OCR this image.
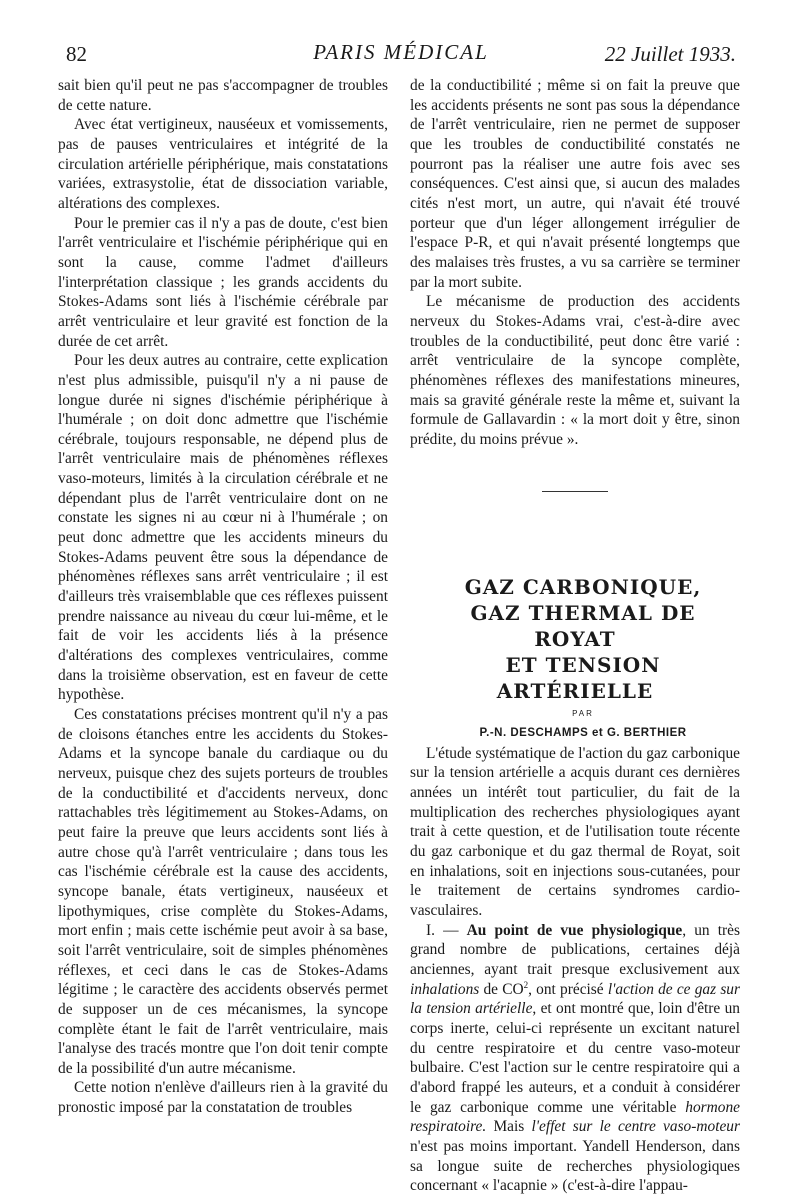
82	PARIS MÉDICAL	22 Juillet 1933.

sait bien qu'il peut ne pas s'accompagner de troubles de cette nature.

Avec état vertigineux, nauséeux et vomissements, pas de pauses ventriculaires et intégrité de la circulation artérielle périphérique, mais constatations variées, extrasystolie, état de dissociation variable, altérations des complexes.

Pour le premier cas il n'y a pas de doute, c'est bien l'arrêt ventriculaire et l'ischémie périphérique qui en sont la cause, comme l'admet d'ailleurs l'interprétation classique ; les grands accidents du Stokes-Adams sont liés à l'ischémie cérébrale par arrêt ventriculaire et leur gravité est fonction de la durée de cet arrêt.

Pour les deux autres au contraire, cette explication n'est plus admissible, puisqu'il n'y a ni pause de longue durée ni signes d'ischémie périphérique à l'humérale ; on doit donc admettre que l'ischémie cérébrale, toujours responsable, ne dépend plus de l'arrêt ventriculaire mais de phénomènes réflexes vaso-moteurs, limités à la circulation cérébrale et ne dépendant plus de l'arrêt ventriculaire dont on ne constate les signes ni au cœur ni à l'humérale ; on peut donc admettre que les accidents mineurs du Stokes-Adams peuvent être sous la dépendance de phénomènes réflexes sans arrêt ventriculaire ; il est d'ailleurs très vraisemblable que ces réflexes puissent prendre naissance au niveau du cœur lui-même, et le fait de voir les accidents liés à la présence d'altérations des complexes ventriculaires, comme dans la troisième observation, est en faveur de cette hypothèse.

Ces constatations précises montrent qu'il n'y a pas de cloisons étanches entre les accidents du Stokes-Adams et la syncope banale du cardiaque ou du nerveux, puisque chez des sujets porteurs de troubles de la conductibilité et d'accidents nerveux, donc rattachables très légitimement au Stokes-Adams, on peut faire la preuve que leurs accidents sont liés à autre chose qu'à l'arrêt ventriculaire ; dans tous les cas l'ischémie cérébrale est la cause des accidents, syncope banale, états vertigineux, nauséeux et lipothymiques, crise complète du Stokes-Adams, mort enfin ; mais cette ischémie peut avoir à sa base, soit l'arrêt ventriculaire, soit de simples phénomènes réflexes, et ceci dans le cas de Stokes-Adams légitime ; le caractère des accidents observés permet de supposer un de ces mécanismes, la syncope complète étant le fait de l'arrêt ventriculaire, mais l'analyse des tracés montre que l'on doit tenir compte de la possibilité d'un autre mécanisme.

Cette notion n'enlève d'ailleurs rien à la gravité du pronostic imposé par la constatation de troubles

de la conductibilité ; même si on fait la preuve que les accidents présents ne sont pas sous la dépendance de l'arrêt ventriculaire, rien ne permet de supposer que les troubles de conductibilité constatés ne pourront pas la réaliser une autre fois avec ses conséquences. C'est ainsi que, si aucun des malades cités n'est mort, un autre, qui n'avait été trouvé porteur que d'un léger allongement irrégulier de l'espace P-R, et qui n'avait présenté longtemps que des malaises très frustes, a vu sa carrière se terminer par la mort subite.

Le mécanisme de production des accidents nerveux du Stokes-Adams vrai, c'est-à-dire avec troubles de la conductibilité, peut donc être varié : arrêt ventriculaire de la syncope complète, phénomènes réflexes des manifestations mineures, mais sa gravité générale reste la même et, suivant la formule de Gallavardin : « la mort doit y être, sinon prédite, du moins prévue ».

GAZ CARBONIQUE,

GAZ THERMAL DE ROYAT

ET TENSION ARTÉRIELLE

PAR

P.-N. DESCHAMPS et G. BERTHIER

L'étude systématique de l'action du gaz carbonique sur la tension artérielle a acquis durant ces dernières années un intérêt tout particulier, du fait de la multiplication des recherches physiologiques ayant trait à cette question, et de l'utilisation toute récente du gaz carbonique et du gaz thermal de Royat, soit en inhalations, soit en injections sous-cutanées, pour le traitement de certains syndromes cardio-vasculaires.

I. — Au point de vue physiologique, un très grand nombre de publications, certaines déjà anciennes, ayant trait presque exclusivement aux inhalations de $CO^2$, ont précisé l'action de ce gaz sur la tension artérielle, et ont montré que, loin d'être un corps inerte, celui-ci représente un excitant naturel du centre respiratoire et du centre vaso-moteur bulbaire. C'est l'action sur le centre respiratoire qui a d'abord frappé les auteurs, et a conduit à considérer le gaz carbonique comme une véritable hormone respiratoire. Mais l'effet sur le centre vaso-moteur n'est pas moins important. Yandell Henderson, dans sa longue suite de recherches physiologiques concernant « l'acapnie » (c'est-à-dire l'appau-
